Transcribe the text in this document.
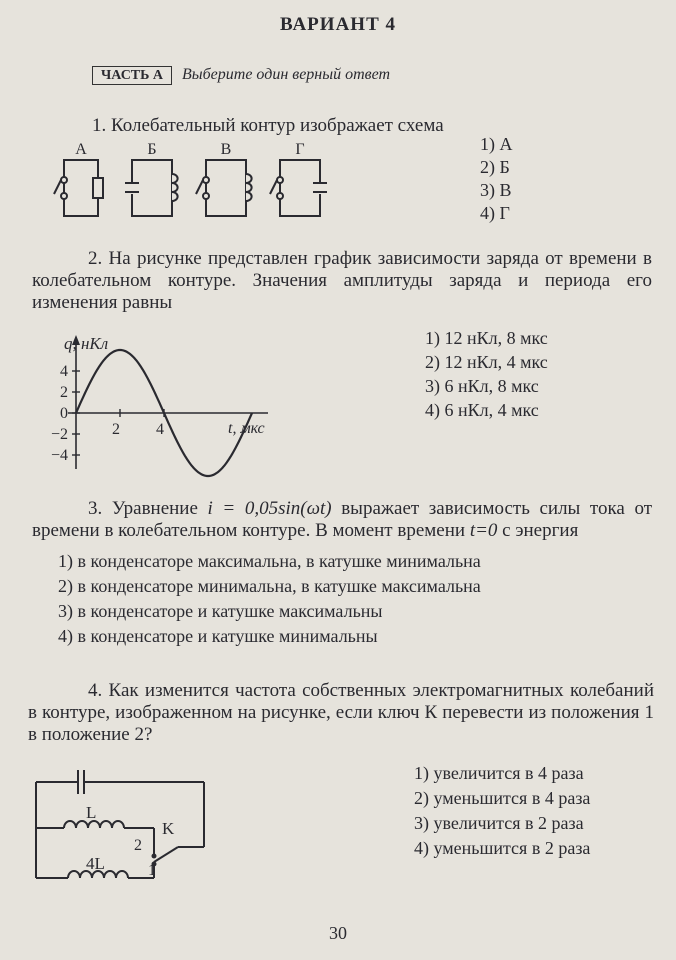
ВАРИАНТ 4
ЧАСТЬ А Выберите один верный ответ
1. Колебательный контур изображает схема
А	Б	В	Г	1) А
2) Б
3) В
4) Г
2. На рисунке представлен график зависимости заряда от времени в колебательном контуре. Значения амплитуды заряда и периода его изменения равны
q, нКл
t, мкс
4
2
0
−2
−4
2 4
1) 12 нКл, 8 мкс
2) 12 нКл, 4 мкс
3) 6 нКл, 8 мкс
4) 6 нКл, 4 мкс
3. Уравнение i = 0,05sin(ωt) выражает зависимость силы тока от времени в колебательном контуре. В момент времени t=0 с энергия
1) в конденсаторе максимальна, в катушке минимальна
2) в конденсаторе минимальна, в катушке максимальна
3) в конденсаторе и катушке максимальны
4) в конденсаторе и катушке минимальны
4. Как изменится частота собственных электромагнитных колебаний в контуре, изображенном на рисунке, если ключ К перевести из положения 1 в положение 2?
L
4L
K
2
1
1) увеличится в 4 раза
2) уменьшится в 4 раза
3) увеличится в 2 раза
4) уменьшится в 2 раза
30
